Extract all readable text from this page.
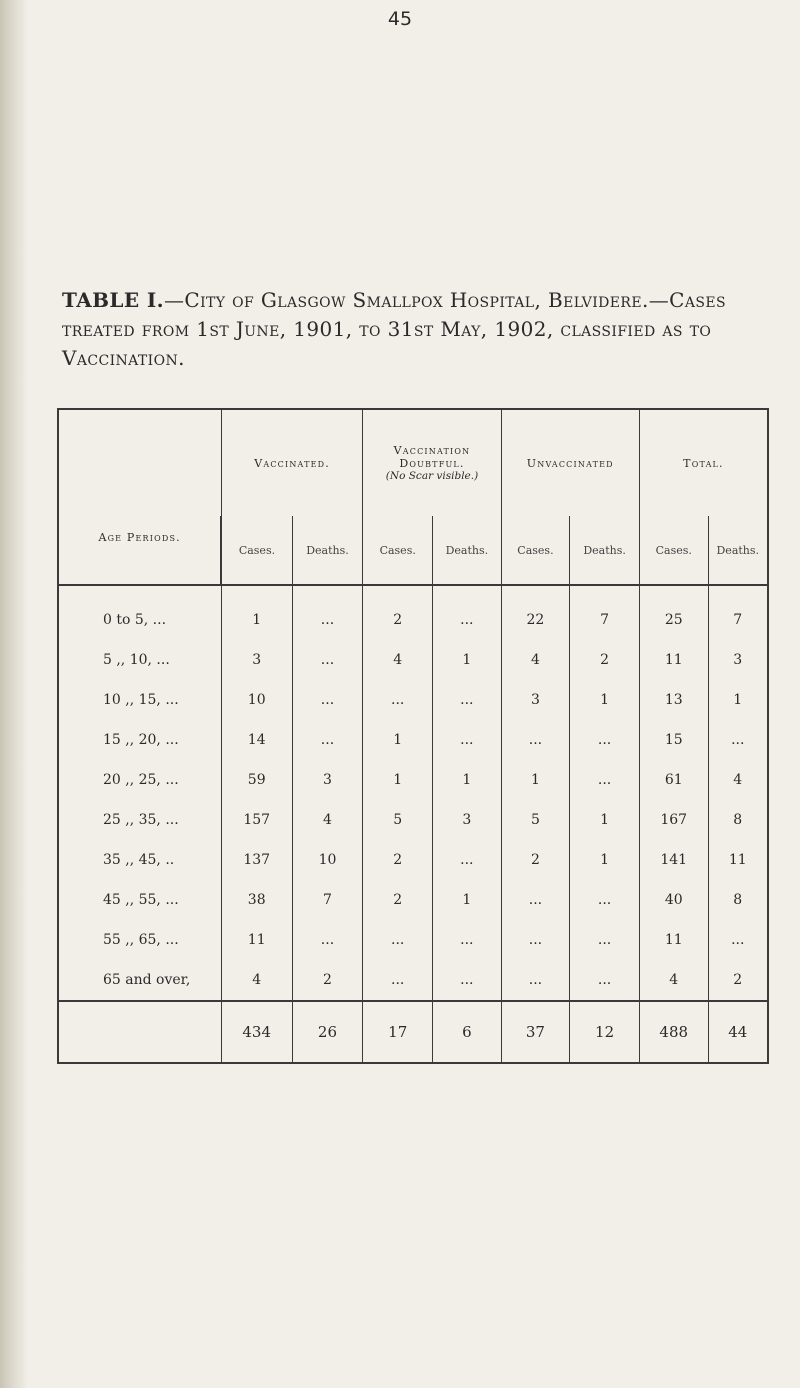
45
TABLE I.—City of Glasgow Smallpox Hospital, Belvidere.—Cases treated from 1st June, 1901, to 31st May, 1902, classified as to Vaccination.
Age Periods.	Vaccinated.		Vaccination Doubtful.
(No Scar visible.)		Unvaccinated		Total.	
	Cases.	Deaths.	Cases.	Deaths.	Cases.	Deaths.	Cases.	Deaths.
0 to 5, ...	1	...	2	...	22	7	25	7
5 ,, 10, ...	3	...	4	1	4	2	11	3
10 ,, 15, ...	10	...	...	...	3	1	13	1
15 ,, 20, ...	14	...	1	...	...	...	15	...
20 ,, 25, ...	59	3	1	1	1	...	61	4
25 ,, 35, ...	157	4	5	3	5	1	167	8
35 ,, 45, ..	137	10	2	...	2	1	141	11
45 ,, 55, ...	38	7	2	1	...	...	40	8
55 ,, 65, ...	11	...	...	...	...	...	11	...
65 and over,	4	2	...	...	...	...	4	2
	434	26	17	6	37	12	488	44
